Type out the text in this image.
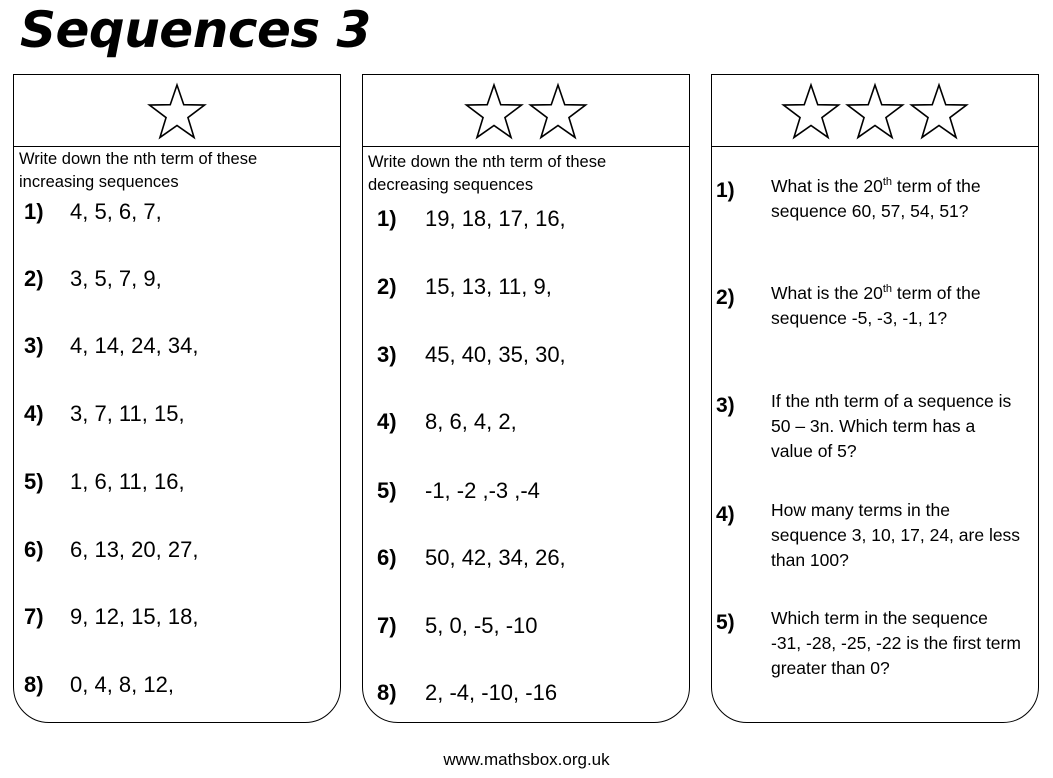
Sequences 3
Write down the nth term of these
increasing sequences
1) 4, 5, 6, 7,
2) 3, 5, 7, 9,
3) 4, 14, 24, 34,
4) 3, 7, 11, 15,
5) 1, 6, 11, 16,
6) 6, 13, 20, 27,
7) 9, 12, 15, 18,
8) 0, 4, 8, 12,
Write down the nth term of these
decreasing sequences
1) 19, 18, 17, 16,
2) 15, 13, 11, 9,
3) 45, 40, 35, 30,
4) 8, 6, 4, 2,
5) -1, -2 ,-3 ,-4
6) 50, 42, 34, 26,
7) 5, 0, -5, -10
8) 2, -4, -10, -16
1) What is the 20th term of the sequence 60, 57, 54, 51?
2) What is the 20th term of the sequence -5, -3, -1, 1?
3) If the nth term of a sequence is 50 – 3n. Which term has a value of 5?
4) How many terms in the sequence 3, 10, 17, 24, are less than 100?
5) Which term in the sequence -31, -28, -25, -22 is the first term greater than 0?
www.mathsbox.org.uk
